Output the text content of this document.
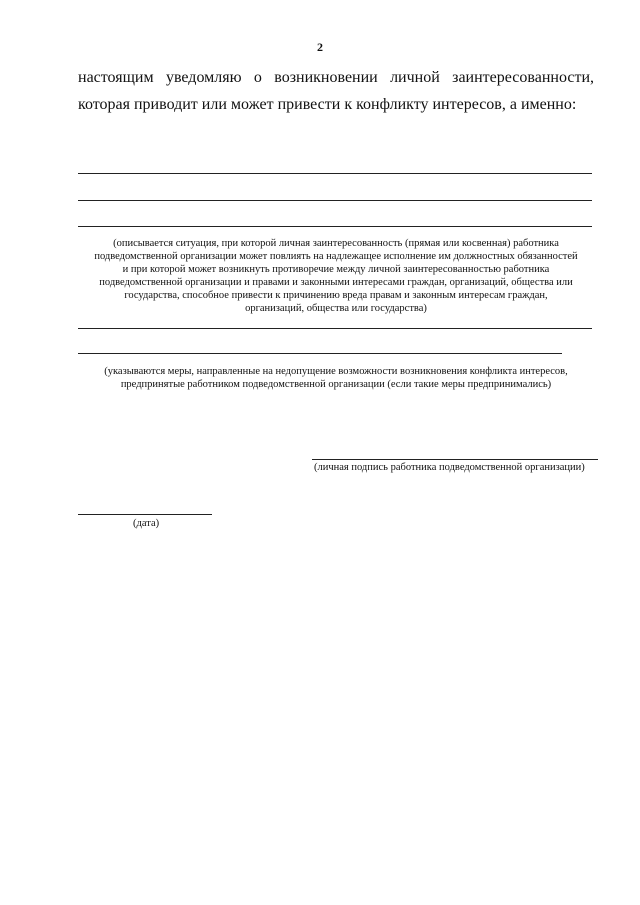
2
настоящим уведомляю о возникновении личной заинтересованности,
которая приводит или может привести к конфликту интересов, а именно:
(описывается ситуация, при которой личная заинтересованность (прямая или косвенная) работника
подведомственной организации может повлиять на надлежащее исполнение им должностных обязанностей
и при которой может возникнуть противоречие между личной заинтересованностью работника
подведомственной организации и правами и законными интересами граждан, организаций, общества или
государства, способное привести к причинению вреда правам и законным интересам граждан,
организаций, общества или государства)
(указываются меры, направленные на недопущение возможности возникновения конфликта интересов,
предпринятые работником подведомственной организации (если такие меры предпринимались)
(личная подпись работника подведомственной организации)
(дата)
